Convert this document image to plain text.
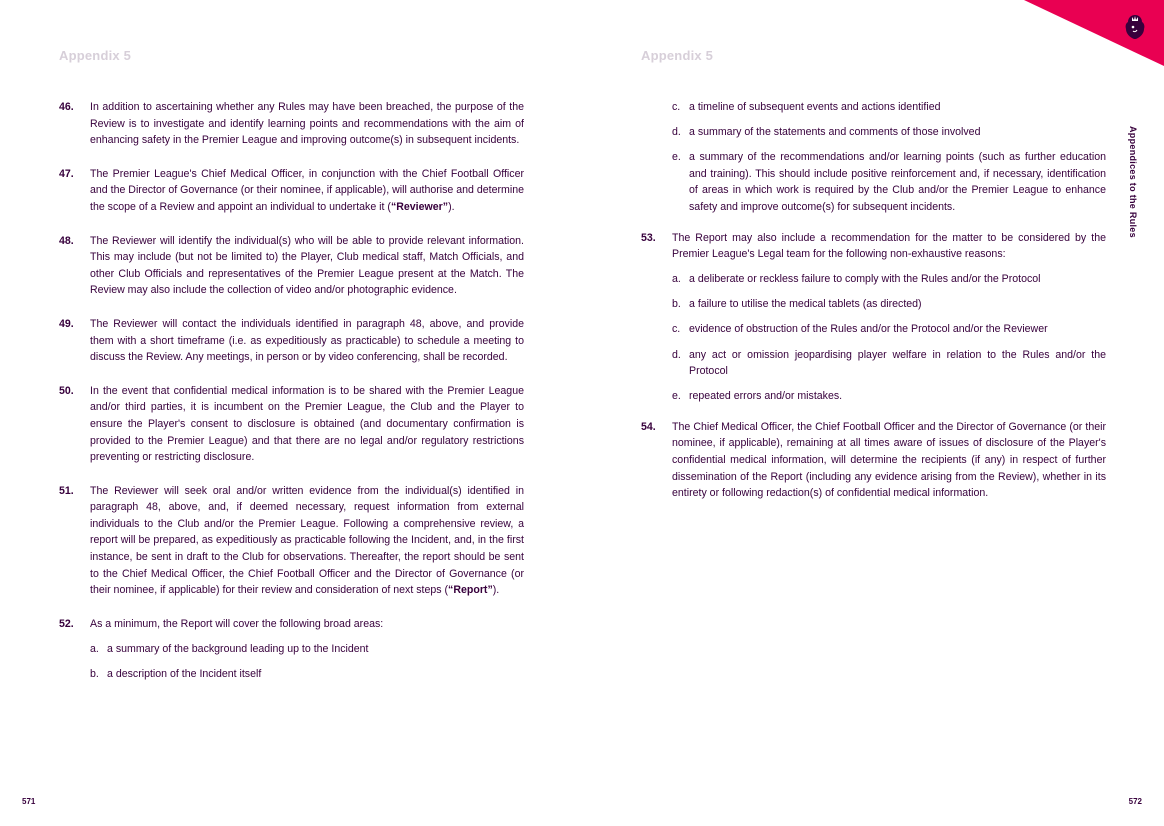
Appendix 5	Appendix 5
Appendices to the Rules
46. In addition to ascertaining whether any Rules may have been breached, the purpose of the Review is to investigate and identify learning points and recommendations with the aim of enhancing safety in the Premier League and improving outcome(s) in subsequent incidents.
47. The Premier League's Chief Medical Officer, in conjunction with the Chief Football Officer and the Director of Governance (or their nominee, if applicable), will authorise and determine the scope of a Review and appoint an individual to undertake it (“Reviewer”).
48. The Reviewer will identify the individual(s) who will be able to provide relevant information. This may include (but not be limited to) the Player, Club medical staff, Match Officials, and other Club Officials and representatives of the Premier League present at the Match. The Review may also include the collection of video and/or photographic evidence.
49. The Reviewer will contact the individuals identified in paragraph 48, above, and provide them with a short timeframe (i.e. as expeditiously as practicable) to schedule a meeting to discuss the Review. Any meetings, in person or by video conferencing, shall be recorded.
50. In the event that confidential medical information is to be shared with the Premier League and/or third parties, it is incumbent on the Premier League, the Club and the Player to ensure the Player's consent to disclosure is obtained (and documentary confirmation is provided to the Premier League) and that there are no legal and/or regulatory restrictions preventing or restricting disclosure.
51. The Reviewer will seek oral and/or written evidence from the individual(s) identified in paragraph 48, above, and, if deemed necessary, request information from external individuals to the Club and/or the Premier League. Following a comprehensive review, a report will be prepared, as expeditiously as practicable following the Incident, and, in the first instance, be sent in draft to the Club for observations. Thereafter, the report should be sent to the Chief Medical Officer, the Chief Football Officer and the Director of Governance (or their nominee, if applicable) for their review and consideration of next steps (“Report”).
52. As a minimum, the Report will cover the following broad areas:
a. a summary of the background leading up to the Incident
b. a description of the Incident itself
c. a timeline of subsequent events and actions identified
d. a summary of the statements and comments of those involved
e. a summary of the recommendations and/or learning points (such as further education and training). This should include positive reinforcement and, if necessary, identification of areas in which work is required by the Club and/or the Premier League to enhance safety and improve outcome(s) for subsequent incidents.
53. The Report may also include a recommendation for the matter to be considered by the Premier League's Legal team for the following non-exhaustive reasons:
a. a deliberate or reckless failure to comply with the Rules and/or the Protocol
b. a failure to utilise the medical tablets (as directed)
c. evidence of obstruction of the Rules and/or the Protocol and/or the Reviewer
d. any act or omission jeopardising player welfare in relation to the Rules and/or the Protocol
e. repeated errors and/or mistakes.
54. The Chief Medical Officer, the Chief Football Officer and the Director of Governance (or their nominee, if applicable), remaining at all times aware of issues of disclosure of the Player's confidential medical information, will determine the recipients (if any) in respect of further dissemination of the Report (including any evidence arising from the Review), whether in its entirety or following redaction(s) of confidential medical information.
571	572
